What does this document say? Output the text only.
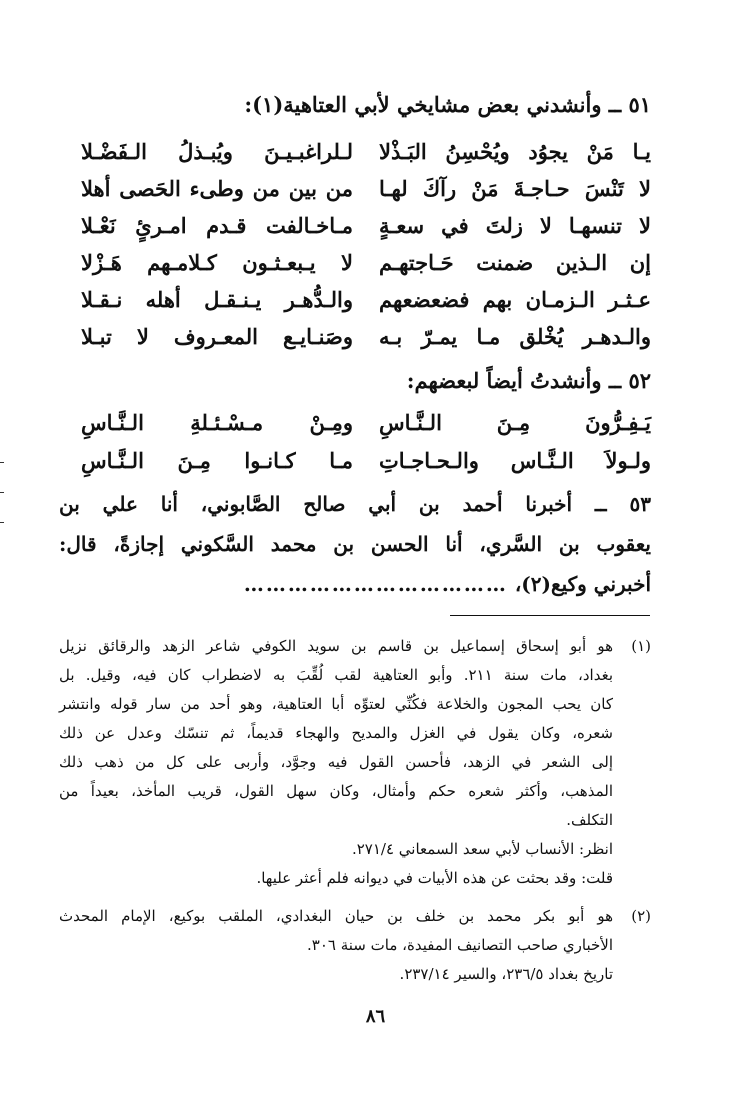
٥١ ــ وأنشدني بعض مشايخي لأبي العتاهية(١):
يـا مَنْ يجوُد ويُحْسِنُ البَـذْلا
لـلراغبـيـنَ ويُبـذلُ الـفَضْـلا
لا تَنْسَ حـاجـةَ مَنْ رآكَ لهـا
من بين من وطىء الحَصى أهلا
لا تنسهـا لا زلتَ في سعـةٍ
مـاخـالفت قـدم امـرئٍ نَعْـلا
إن الـذين ضمنت حَـاجتهـم
لا يـبعـثـون كـلامـهم هَـزْلا
عـثـر الـزمـان بهم فضعضعهم
والـدُّهـر يـنـقـل أهله نـقـلا
والـدهـر يُخْلق مـا يمـرّ بـه
وصَنـايـع المعـروف لا تبـلا
٥٢ ــ وأنشدتُ أيضاً لبعضهم:
يَـفِـرُّونَ مِـنَ الـنَّـاسِ
ومِـنْ مـسْـئـلةِ الـنَّـاسِ
ولـولاَ الـنَّـاس والـحـاجـاتِ
مـا كـانـوا مِـنَ الـنَّـاسِ
٥٣ ــ أخبرنا أحمد بن أبي صالح الصَّابوني، أنا علي بن
يعقوب بن السَّري، أنا الحسن بن محمد السَّكوني إجازةً، قال:
أخبرني وكيع(٢)، ………………………………
(١)
هو أبو إسحاق إسماعيل بن قاسم بن سويد الكوفي شاعر الزهد والرقائق نزيل
بغداد، مات سنة ٢١١. وأبو العتاهية لقب لُقِّبَ به لاضطراب كان فيه، وقيل. بل
كان يحب المجون والخلاعة فكُنِّي لعتوِّه أبا العتاهية، وهو أحد من سار قوله وانتشر
شعره، وكان يقول في الغزل والمديح والهجاء قديماً، ثم تنسّك وعدل عن ذلك
إلى الشعر في الزهد، فأحسن القول فيه وجوَّد، وأربى على كل من ذهب ذلك
المذهب، وأكثر شعره حكم وأمثال، وكان سهل القول، قريب المأخذ، بعيداً من
التكلف.
انظر: الأنساب لأبي سعد السمعاني ٢٧١/٤.
قلت: وقد بحثت عن هذه الأبيات في ديوانه فلم أعثر عليها.
(٢)
هو أبو بكر محمد بن خلف بن حيان البغدادي، الملقب بوكيع، الإمام المحدث
الأخباري صاحب التصانيف المفيدة، مات سنة ٣٠٦.
تاريخ بغداد ٢٣٦/٥، والسير ٢٣٧/١٤.
٨٦
